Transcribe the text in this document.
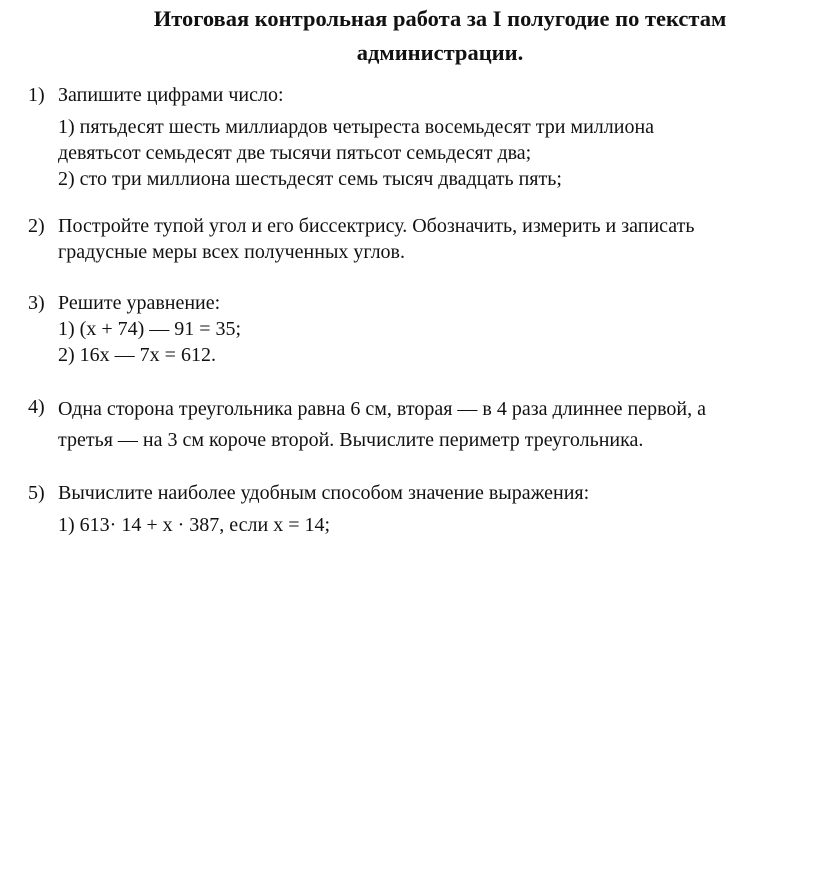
Итоговая контрольная работа за I полугодие по текстам
администрации.
1) Запишите цифрами число:
1) пятьдесят шесть миллиардов четыреста восемьдесят три миллиона
девятьсот семьдесят две тысячи пятьсот семьдесят два;
2) сто три миллиона шестьдесят семь тысяч двадцать пять;
2) Постройте тупой угол и его биссектрису. Обозначить, измерить и записать
градусные меры всех полученных углов.
3) Решите уравнение:
1) (x + 74) — 91 = 35;
2) 16x — 7x = 612.
4) Одна сторона треугольника равна 6 см, вторая — в 4 раза длиннее первой, а
третья — на 3 см короче второй. Вычислите периметр треугольника.
5) Вычислите наиболее удобным способом значение выражения:
1) 613· 14 + x · 387, если x = 14;
